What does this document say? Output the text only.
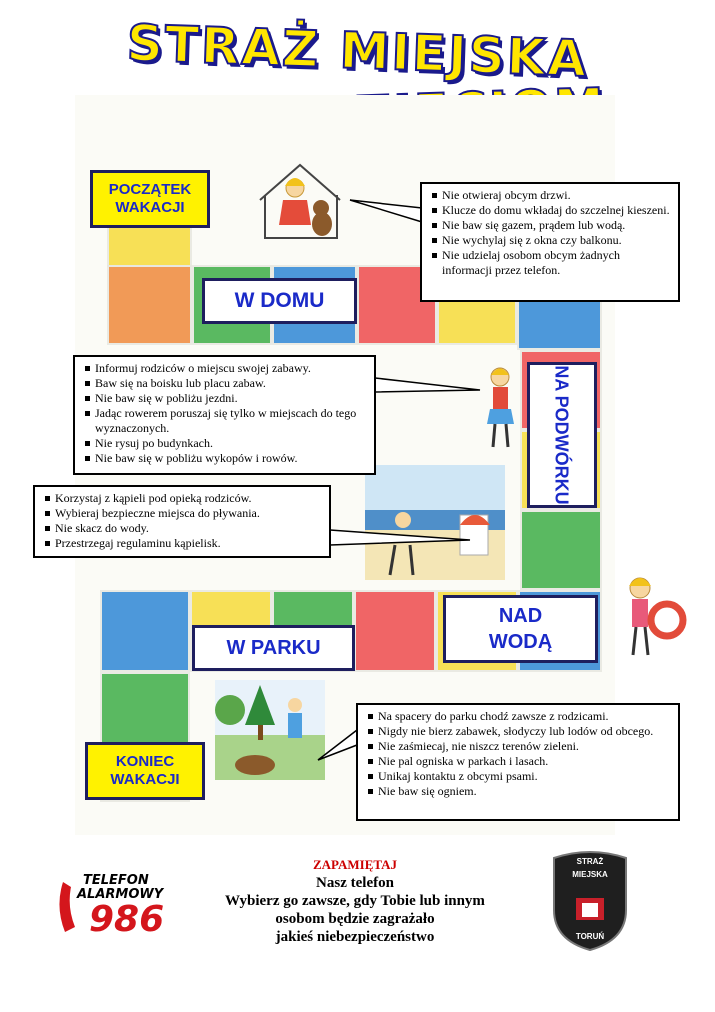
STRAŻ MIEJSKA
POCZĄTEK WAKACJI
W DOMU
NA PODWÓRKU
NAD WODĄ
W PARKU
KONIEC WAKACJI
Nie otwieraj obcym drzwi.
Klucze do domu wkładaj do szczelnej kieszeni.
Nie baw się gazem, prądem lub wodą.
Nie wychylaj się z okna czy balkonu.
Nie udzielaj osobom obcym żadnych informacji przez telefon.
Informuj rodziców o miejscu swojej zabawy.
Baw się na boisku lub placu zabaw.
Nie baw się w pobliżu jezdni.
Jadąc rowerem poruszaj się tylko w miejscach do tego wyznaczonych.
Nie rysuj po budynkach.
Nie baw się w pobliżu wykopów i rowów.
Korzystaj z kąpieli pod opieką rodziców.
Wybieraj bezpieczne miejsca do pływania.
Nie skacz do wody.
Przestrzegaj regulaminu kąpielisk.
Na spacery do parku chodź zawsze z rodzicami.
Nigdy nie bierz zabawek, słodyczy lub lodów od obcego.
Nie zaśmiecaj, nie niszcz terenów zieleni.
Nie pal ogniska w parkach i lasach.
Unikaj kontaktu z obcymi psami.
Nie baw się ogniem.
TELEFON
ALARMOWY
986
ZAPAMIĘTAJ
Nasz telefon
Wybierz go zawsze, gdy Tobie lub innym
osobom będzie zagrażało
jakieś niebezpieczeństwo
STRAŻ
MIEJSKA
TORUŃ
